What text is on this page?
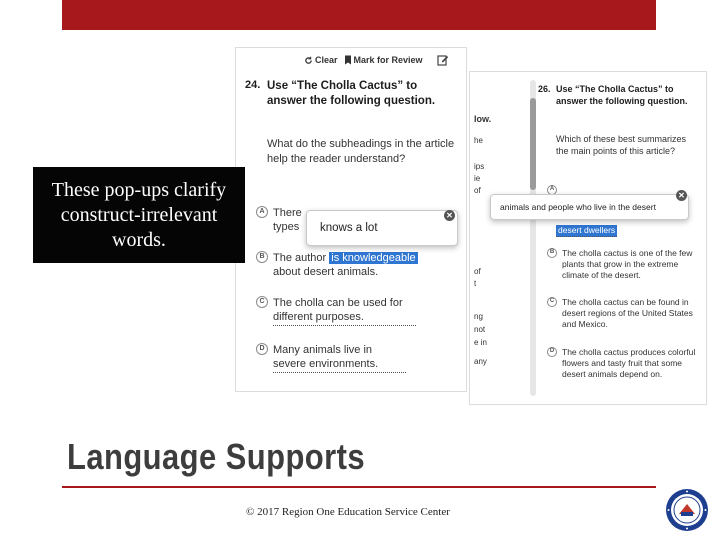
Clear Mark for Review
24. Use “The Cholla Cactus” to answer the following question.
What do the subheadings in the article help the reader understand?
A There
types
B The author is knowledgeable
about desert animals.
C The cholla can be used for different purposes.
D Many animals live in severe environments.
knows a lot
✕
low.
he
ips
ie
of
of
t
ng
not
e in
any
26. Use “The Cholla Cactus” to answer the following question.
Which of these best summarizes the main points of this article?
A
desert dwellers
B The cholla cactus is one of the few plants that grow in the extreme climate of the desert.
C The cholla cactus can be found in desert regions of the United States and Mexico.
D The cholla cactus produces colorful flowers and tasty fruit that some desert animals depend on.
animals and people who live in the desert
✕
These pop-ups clarify construct-irrelevant words.
Language Supports
© 2017 Region One Education Service Center
